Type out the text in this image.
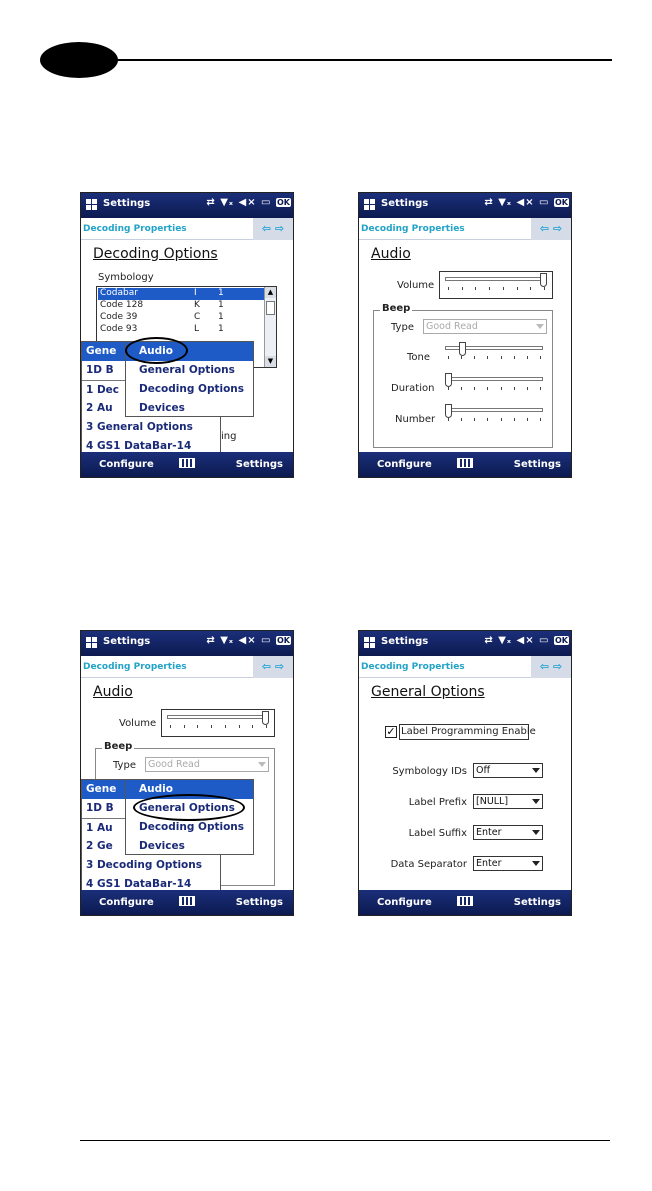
Settings	⇄ ▼ₓ ◀× ▭ OK
Decoding Properties	⇦ ⇨
Decoding Options
Symbology
Codabar	I 1
Code 128	K 1
Code 39	C 1
Code 93	L 1
▲
▼
ing
Gene
1D B
1 Dec
2 Au
3 General Options
4 GS1 DataBar-14
Audio
General Options
Decoding Options
Devices
Configure	Settings
Settings	⇄ ▼ₓ ◀× ▭ OK
Decoding Properties	⇦ ⇨
Audio
Volume
Beep
Type	Good Read
Tone
Duration
Number
Configure	Settings
Settings	⇄ ▼ₓ ◀× ▭ OK
Decoding Properties	⇦ ⇨
Audio
Volume
Beep
Type	Good Read
Gene
1D B
1 Au
2 Ge
3 Decoding Options
4 GS1 DataBar-14
Audio
General Options
Decoding Options
Devices
Configure	Settings
Settings	⇄ ▼ₓ ◀× ▭ OK
Decoding Properties	⇦ ⇨
General Options
✓ Label Programming Enable
Symbology IDs Off
Label Prefix [NULL]
Label Suffix Enter
Data Separator Enter
Configure	Settings
